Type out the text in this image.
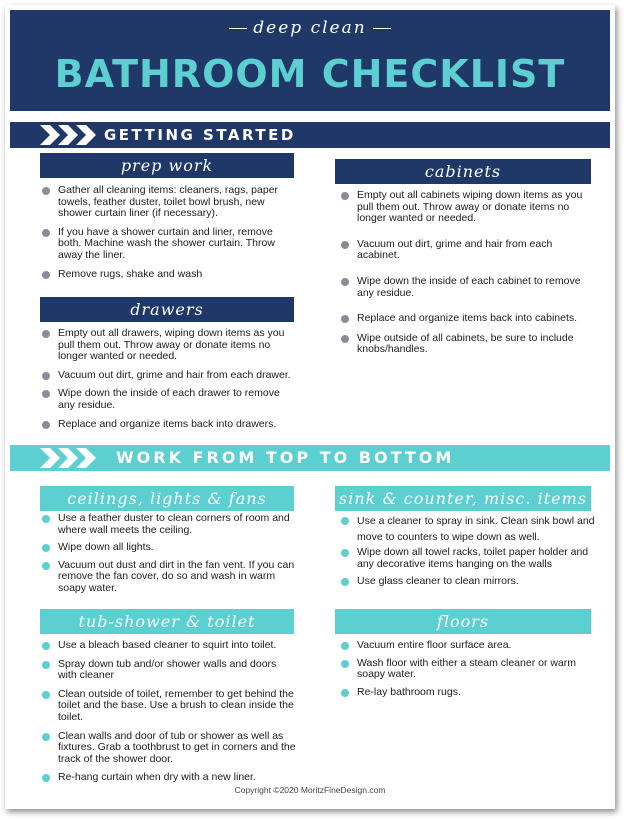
deep clean
BATHROOM CHECKLIST
GETTING STARTED
prep work
Gather all cleaning items: cleaners, rags, paper towels, feather duster, toilet bowl brush, new shower curtain liner (if necessary).
If you have a shower curtain and liner, remove both. Machine wash the shower curtain. Throw away the liner.
Remove rugs, shake and wash
drawers
Empty out all drawers, wiping down items as you pull them out. Throw away or donate items no longer wanted or needed.
Vacuum out dirt, grime and hair from each drawer.
Wipe down the inside of each drawer to remove any residue.
Replace and organize items back into drawers.
cabinets
Empty out all cabinets wiping down items as you pull them out. Throw away or donate items no longer wanted or needed.
Vacuum out dirt, grime and hair from each acabinet.
Wipe down the inside of each cabinet to remove any residue.
Replace and organize items back into cabinets.
Wipe outside of all cabinets, be sure to include knobs/handles.
WORK FROM TOP TO BOTTOM
ceilings, lights & fans
Use a feather duster to clean corners of room and where wall meets the ceiling.
Wipe down all lights.
Vacuum out dust and dirt in the fan vent. If you can remove the fan cover, do so and wash in warm soapy water.
sink & counter, misc. items
Use a cleaner to spray in sink. Clean sink bowl and move to counters to wipe down as well.
Wipe down all towel racks, toilet paper holder and any decorative items hanging on the walls
Use glass cleaner to clean mirrors.
tub-shower & toilet
Use a bleach based cleaner to squirt into toilet.
Spray down tub and/or shower walls and doors with cleaner
Clean outside of toilet, remember to get behind the toilet and the base. Use a brush to clean inside the toilet.
Clean walls and door of tub or shower as well as fixtures. Grab a toothbrust to get in corners and the track of the shower door.
Re-hang curtain when dry with a new liner.
floors
Vacuum entire floor surface area.
Wash floor with either a steam cleaner or warm soapy water.
Re-lay bathroom rugs.
Copyright ©2020 MoritzFineDesign.com
